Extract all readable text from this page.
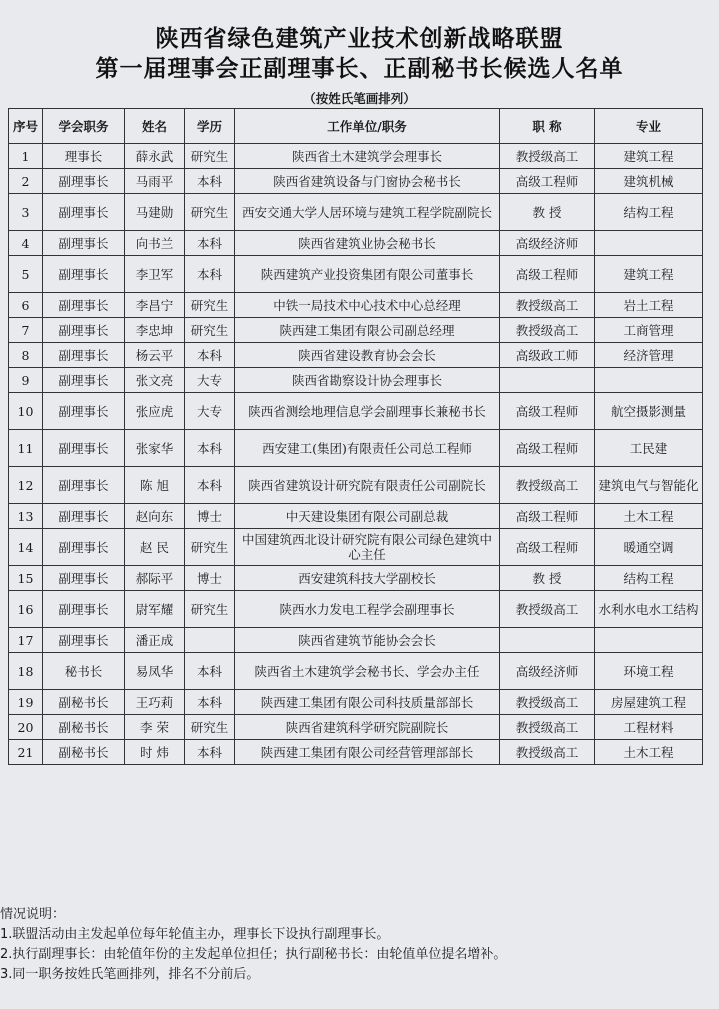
陕西省绿色建筑产业技术创新战略联盟
第一届理事会正副理事长、正副秘书长候选人名单
（按姓氏笔画排列）
序号	学会职务	姓名	学历	工作单位/职务	职 称	专业
1	理事长	薛永武	研究生	陕西省土木建筑学会理事长	教授级高工	建筑工程
2	副理事长	马雨平	本科	陕西省建筑设备与门窗协会秘书长	高级工程师	建筑机械
3	副理事长	马建勋	研究生	西安交通大学人居环境与建筑工程学院副院长	教 授	结构工程
4	副理事长	向书兰	本科	陕西省建筑业协会秘书长	高级经济师	
5	副理事长	李卫军	本科	陕西建筑产业投资集团有限公司董事长	高级工程师	建筑工程
6	副理事长	李昌宁	研究生	中铁一局技术中心技术中心总经理	教授级高工	岩土工程
7	副理事长	李忠坤	研究生	陕西建工集团有限公司副总经理	教授级高工	工商管理
8	副理事长	杨云平	本科	陕西省建设教育协会会长	高级政工师	经济管理
9	副理事长	张文亮	大专	陕西省勘察设计协会理事长		
10	副理事长	张应虎	大专	陕西省测绘地理信息学会副理事长兼秘书长	高级工程师	航空摄影测量
11	副理事长	张家华	本科	西安建工(集团)有限责任公司总工程师	高级工程师	工民建
12	副理事长	陈 旭	本科	陕西省建筑设计研究院有限责任公司副院长	教授级高工	建筑电气与智能化
13	副理事长	赵向东	博士	中天建设集团有限公司副总裁	高级工程师	土木工程
14	副理事长	赵 民	研究生	中国建筑西北设计研究院有限公司绿色建筑中心主任	高级工程师	暖通空调
15	副理事长	郝际平	博士	西安建筑科技大学副校长	教 授	结构工程
16	副理事长	尉军耀	研究生	陕西水力发电工程学会副理事长	教授级高工	水利水电水工结构
17	副理事长	潘正成		陕西省建筑节能协会会长		
18	秘书长	易凤华	本科	陕西省土木建筑学会秘书长、学会办主任	高级经济师	环境工程
19	副秘书长	王巧莉	本科	陕西建工集团有限公司科技质量部部长	教授级高工	房屋建筑工程
20	副秘书长	李 荣	研究生	陕西省建筑科学研究院副院长	教授级高工	工程材料
21	副秘书长	时 炜	本科	陕西建工集团有限公司经营管理部部长	教授级高工	土木工程
情况说明：
1.联盟活动由主发起单位每年轮值主办，理事长下设执行副理事长。
2.执行副理事长：由轮值年份的主发起单位担任；执行副秘书长：由轮值单位提名增补。
3.同一职务按姓氏笔画排列，排名不分前后。
